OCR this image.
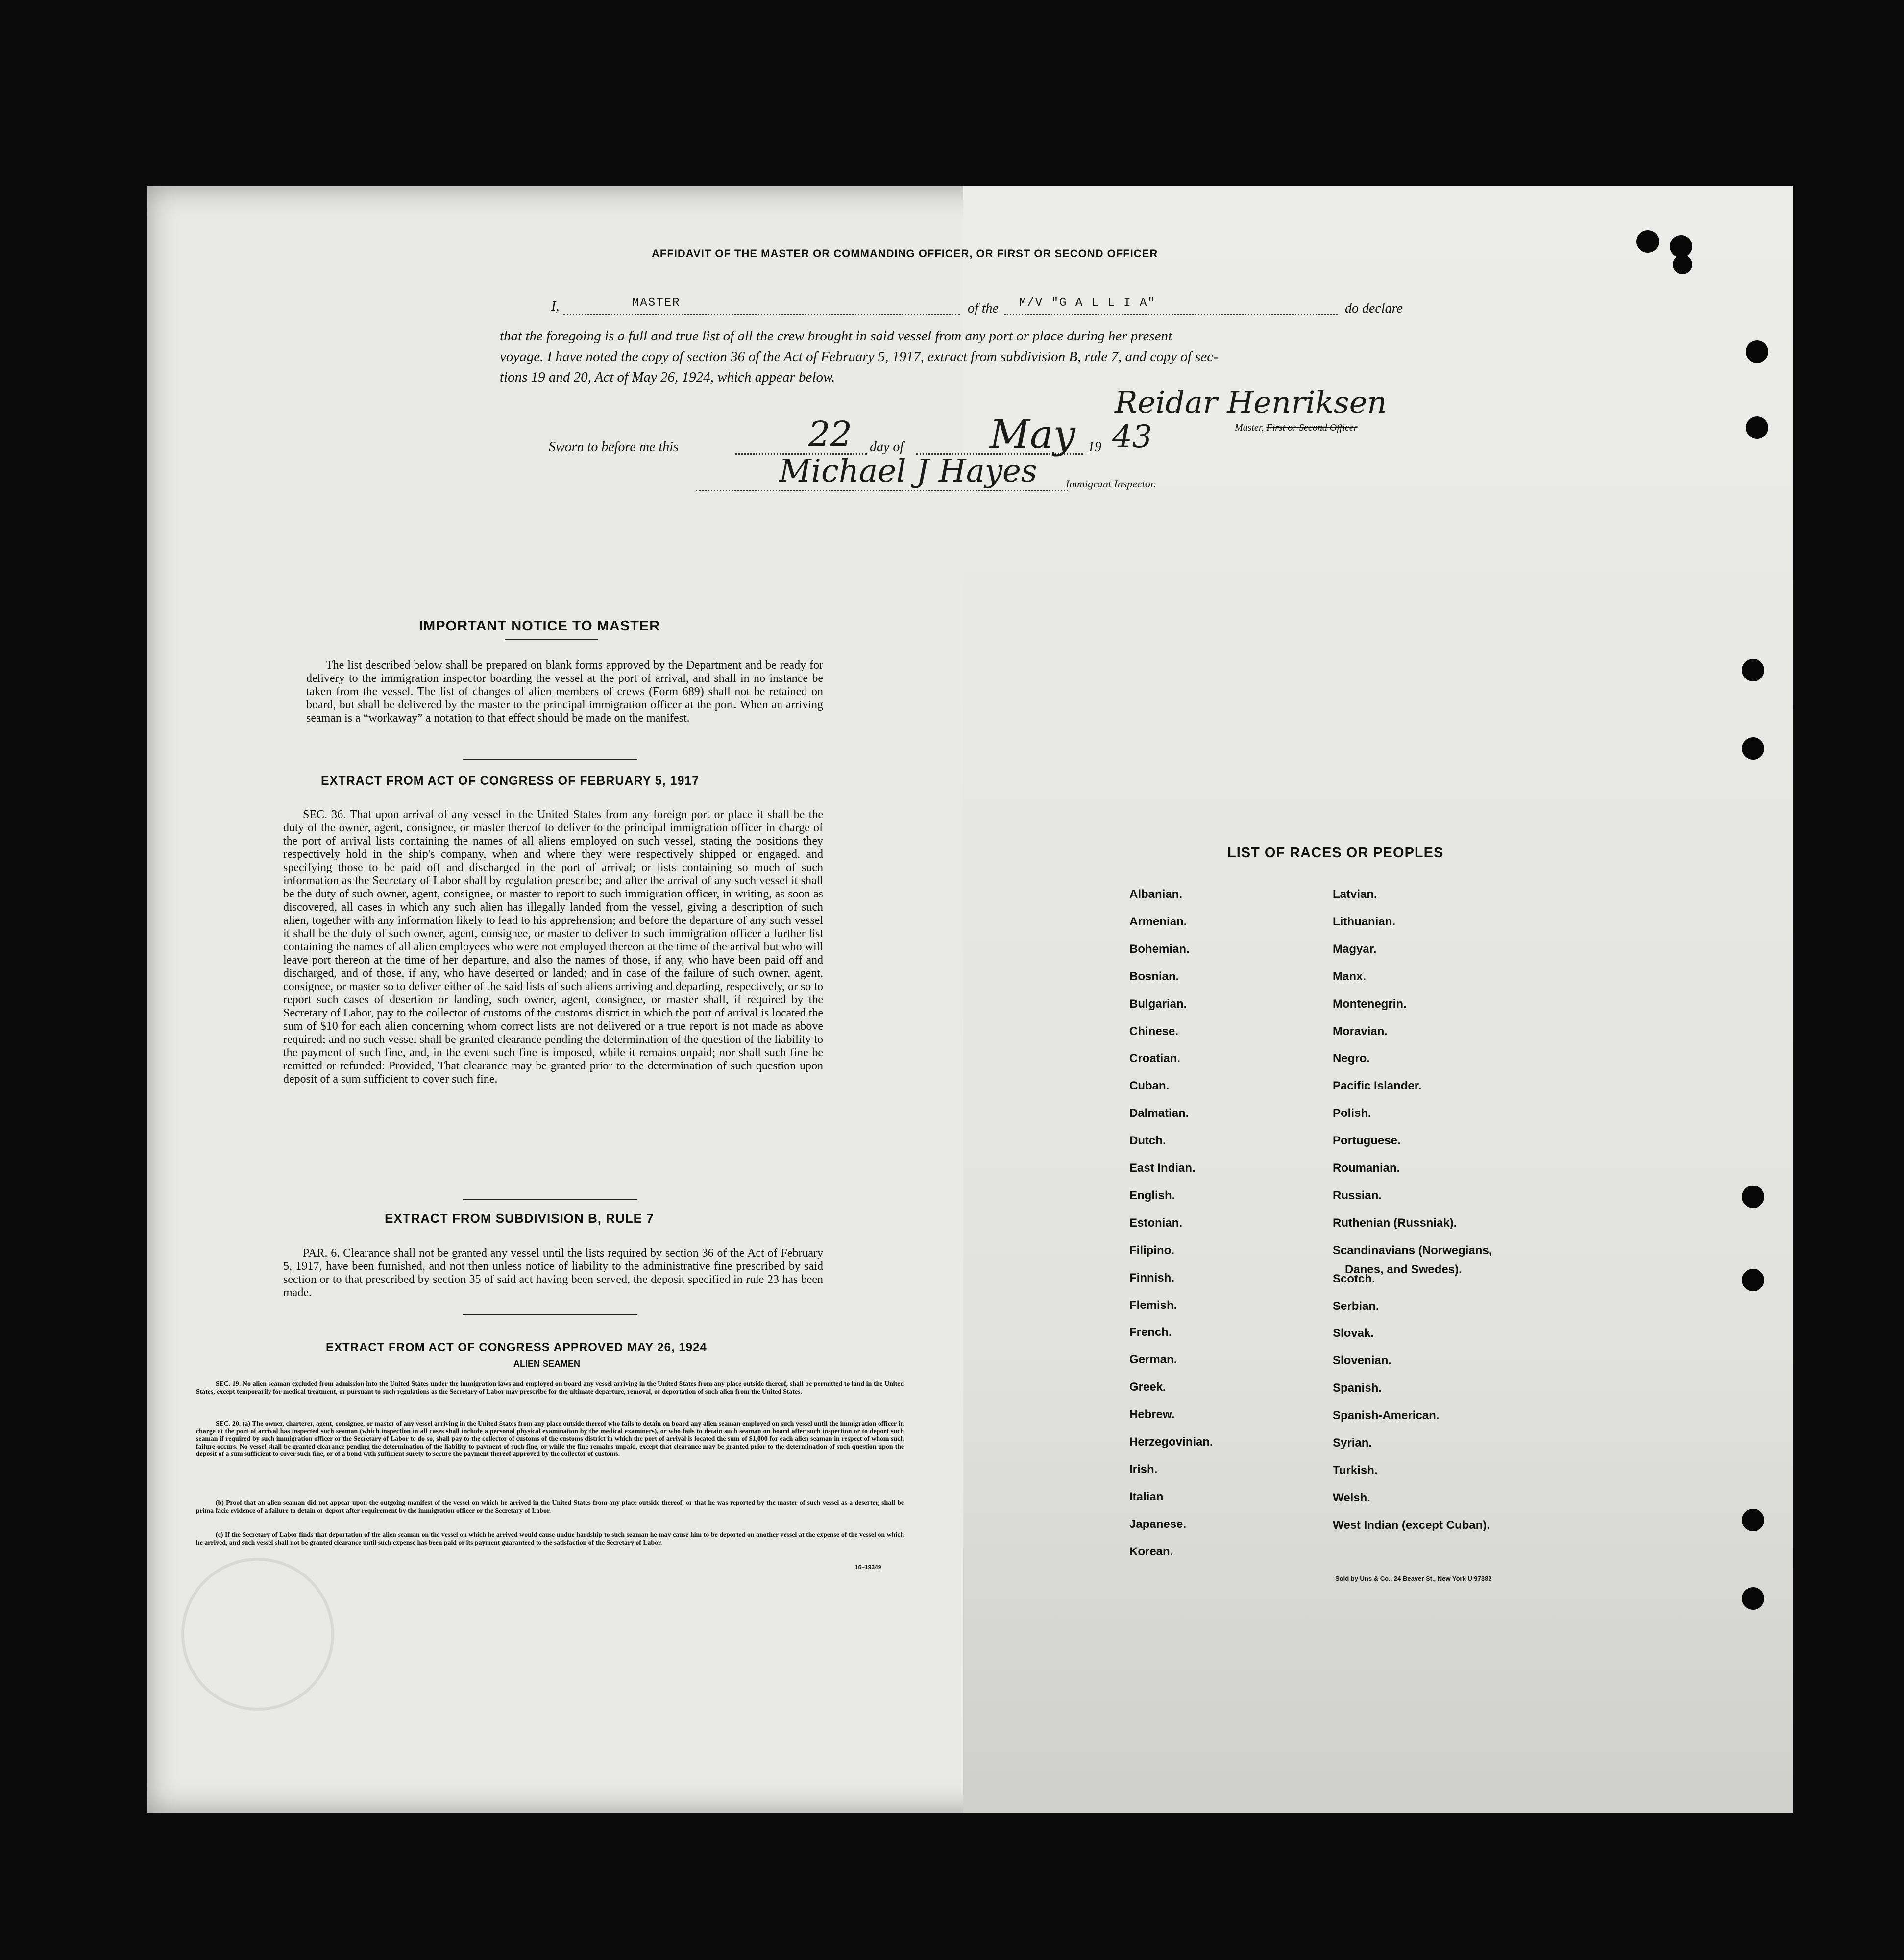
AFFIDAVIT OF THE MASTER OR COMMANDING OFFICER, OR FIRST OR SECOND OFFICER
I,	MASTER	of the M/V "G A L L I A"	do declare
that the foregoing is a full and true list of all the crew brought in said vessel from any port or place during her present
voyage. I have noted the copy of section 36 of the Act of February 5, 1917, extract from subdivision B, rule 7, and copy of sec-
tions 19 and 20, Act of May 26, 1924, which appear below.
Reidar Henriksen
Master, First or Second Officer
Sworn to before me this	22 day of May 19 43
Michael J Hayes	Immigrant Inspector.
IMPORTANT NOTICE TO MASTER
The list described below shall be prepared on blank forms approved by the Department and be ready for delivery to the immigration inspector boarding the vessel at the port of arrival, and shall in no instance be taken from the vessel. The list of changes of alien members of crews (Form 689) shall not be retained on board, but shall be delivered by the master to the principal immigration officer at the port. When an arriving seaman is a “workaway” a notation to that effect should be made on the manifest.
EXTRACT FROM ACT OF CONGRESS OF FEBRUARY 5, 1917
SEC. 36. That upon arrival of any vessel in the United States from any foreign port or place it shall be the duty of the owner, agent, consignee, or master thereof to deliver to the principal immigration officer in charge of the port of arrival lists containing the names of all aliens employed on such vessel, stating the positions they respectively hold in the ship's company, when and where they were respectively shipped or engaged, and specifying those to be paid off and discharged in the port of arrival; or lists containing so much of such information as the Secretary of Labor shall by regulation prescribe; and after the arrival of any such vessel it shall be the duty of such owner, agent, consignee, or master to report to such immigration officer, in writing, as soon as discovered, all cases in which any such alien has illegally landed from the vessel, giving a description of such alien, together with any information likely to lead to his apprehension; and before the departure of any such vessel it shall be the duty of such owner, agent, consignee, or master to deliver to such immigration officer a further list containing the names of all alien employees who were not employed thereon at the time of the arrival but who will leave port thereon at the time of her departure, and also the names of those, if any, who have been paid off and discharged, and of those, if any, who have deserted or landed; and in case of the failure of such owner, agent, consignee, or master so to deliver either of the said lists of such aliens arriving and departing, respectively, or so to report such cases of desertion or landing, such owner, agent, consignee, or master shall, if required by the Secretary of Labor, pay to the collector of customs of the customs district in which the port of arrival is located the sum of $10 for each alien concerning whom correct lists are not delivered or a true report is not made as above required; and no such vessel shall be granted clearance pending the determination of the question of the liability to the payment of such fine, and, in the event such fine is imposed, while it remains unpaid; nor shall such fine be remitted or refunded: Provided, That clearance may be granted prior to the determination of such question upon deposit of a sum sufficient to cover such fine.
EXTRACT FROM SUBDIVISION B, RULE 7
PAR. 6. Clearance shall not be granted any vessel until the lists required by section 36 of the Act of February 5, 1917, have been furnished, and not then unless notice of liability to the administrative fine prescribed by said section or to that prescribed by section 35 of said act having been served, the deposit specified in rule 23 has been made.
EXTRACT FROM ACT OF CONGRESS APPROVED MAY 26, 1924
ALIEN SEAMEN
SEC. 19. No alien seaman excluded from admission into the United States under the immigration laws and employed on board any vessel arriving in the United States from any place outside thereof, shall be permitted to land in the United States, except temporarily for medical treatment, or pursuant to such regulations as the Secretary of Labor may prescribe for the ultimate departure, removal, or deportation of such alien from the United States.
SEC. 20. (a) The owner, charterer, agent, consignee, or master of any vessel arriving in the United States from any place outside thereof who fails to detain on board any alien seaman employed on such vessel until the immigration officer in charge at the port of arrival has inspected such seaman (which inspection in all cases shall include a personal physical examination by the medical examiners), or who fails to detain such seaman on board after such inspection or to deport such seaman if required by such immigration officer or the Secretary of Labor to do so, shall pay to the collector of customs of the customs district in which the port of arrival is located the sum of $1,000 for each alien seaman in respect of whom such failure occurs. No vessel shall be granted clearance pending the determination of the liability to payment of such fine, or while the fine remains unpaid, except that clearance may be granted prior to the determination of such question upon the deposit of a sum sufficient to cover such fine, or of a bond with sufficient surety to secure the payment thereof approved by the collector of customs.
(b) Proof that an alien seaman did not appear upon the outgoing manifest of the vessel on which he arrived in the United States from any place outside thereof, or that he was reported by the master of such vessel as a deserter, shall be prima facie evidence of a failure to detain or deport after requirement by the immigration officer or the Secretary of Labor.
(c) If the Secretary of Labor finds that deportation of the alien seaman on the vessel on which he arrived would cause undue hardship to such seaman he may cause him to be deported on another vessel at the expense of the vessel on which he arrived, and such vessel shall not be granted clearance until such expense has been paid or its payment guaranteed to the satisfaction of the Secretary of Labor.
16–19349
LIST OF RACES OR PEOPLES
Albanian.
Armenian.
Bohemian.
Bosnian.
Bulgarian.
Chinese.
Croatian.
Cuban.
Dalmatian.
Dutch.
East Indian.
English.
Estonian.
Filipino.
Finnish.
Flemish.
French.
German.
Greek.
Hebrew.
Herzegovinian.
Irish.
Italian
Japanese.
Korean.
Latvian.
Lithuanian.
Magyar.
Manx.
Montenegrin.
Moravian.
Negro.
Pacific Islander.
Polish.
Portuguese.
Roumanian.
Russian.
Ruthenian (Russniak).
Scandinavians (Norwegians,
Scotch.
Serbian.
Slovak.
Slovenian.
Spanish.
Spanish-American.
Syrian.
Turkish.
Welsh.
West Indian (except Cuban).
Danes, and Swedes).
Sold by Uns & Co., 24 Beaver St., New York U 97382
